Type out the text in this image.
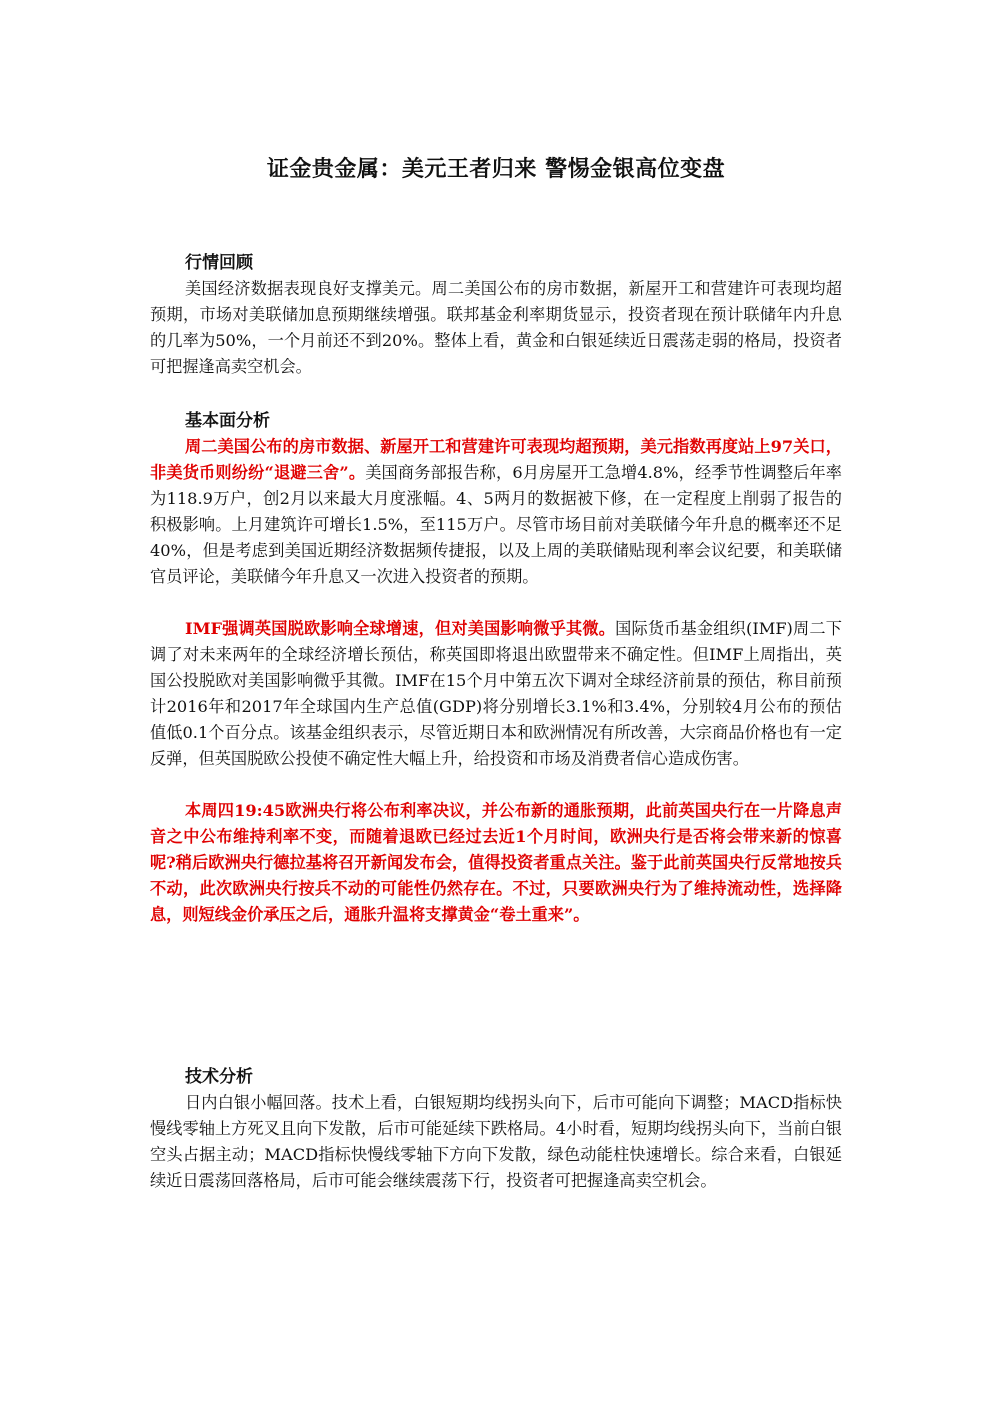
证金贵金属：美元王者归来 警惕金银高位变盘

行情回顾

美国经济数据表现良好支撑美元。周二美国公布的房市数据，新屋开工和营建许可表现均超预期，市场对美联储加息预期继续增强。联邦基金利率期货显示，投资者现在预计联储年内升息的几率为50%，一个月前还不到20%。整体上看，黄金和白银延续近日震荡走弱的格局，投资者可把握逢高卖空机会。

基本面分析

周二美国公布的房市数据、新屋开工和营建许可表现均超预期，美元指数再度站上97关口，非美货币则纷纷“退避三舍”。美国商务部报告称，6月房屋开工急增4.8%，经季节性调整后年率为118.9万户，创2月以来最大月度涨幅。4、5两月的数据被下修，在一定程度上削弱了报告的积极影响。上月建筑许可增长1.5%，至115万户。尽管市场目前对美联储今年升息的概率还不足40%，但是考虑到美国近期经济数据频传捷报，以及上周的美联储贴现利率会议纪要，和美联储官员评论，美联储今年升息又一次进入投资者的预期。

IMF强调英国脱欧影响全球增速，但对美国影响微乎其微。国际货币基金组织(IMF)周二下调了对未来两年的全球经济增长预估，称英国即将退出欧盟带来不确定性。但IMF上周指出，英国公投脱欧对美国影响微乎其微。IMF在15个月中第五次下调对全球经济前景的预估，称目前预计2016年和2017年全球国内生产总值(GDP)将分别增长3.1%和3.4%，分别较4月公布的预估值低0.1个百分点。该基金组织表示，尽管近期日本和欧洲情况有所改善，大宗商品价格也有一定反弹，但英国脱欧公投使不确定性大幅上升，给投资和市场及消费者信心造成伤害。

本周四19:45欧洲央行将公布利率决议，并公布新的通胀预期，此前英国央行在一片降息声音之中公布维持利率不变，而随着退欧已经过去近1个月时间，欧洲央行是否将会带来新的惊喜呢?稍后欧洲央行德拉基将召开新闻发布会，值得投资者重点关注。鉴于此前英国央行反常地按兵不动，此次欧洲央行按兵不动的可能性仍然存在。不过，只要欧洲央行为了维持流动性，选择降息，则短线金价承压之后，通胀升温将支撑黄金“卷土重来”。

技术分析

日内白银小幅回落。技术上看，白银短期均线拐头向下，后市可能向下调整；MACD指标快慢线零轴上方死叉且向下发散，后市可能延续下跌格局。4小时看，短期均线拐头向下，当前白银空头占据主动；MACD指标快慢线零轴下方向下发散，绿色动能柱快速增长。综合来看，白银延续近日震荡回落格局，后市可能会继续震荡下行，投资者可把握逢高卖空机会。
